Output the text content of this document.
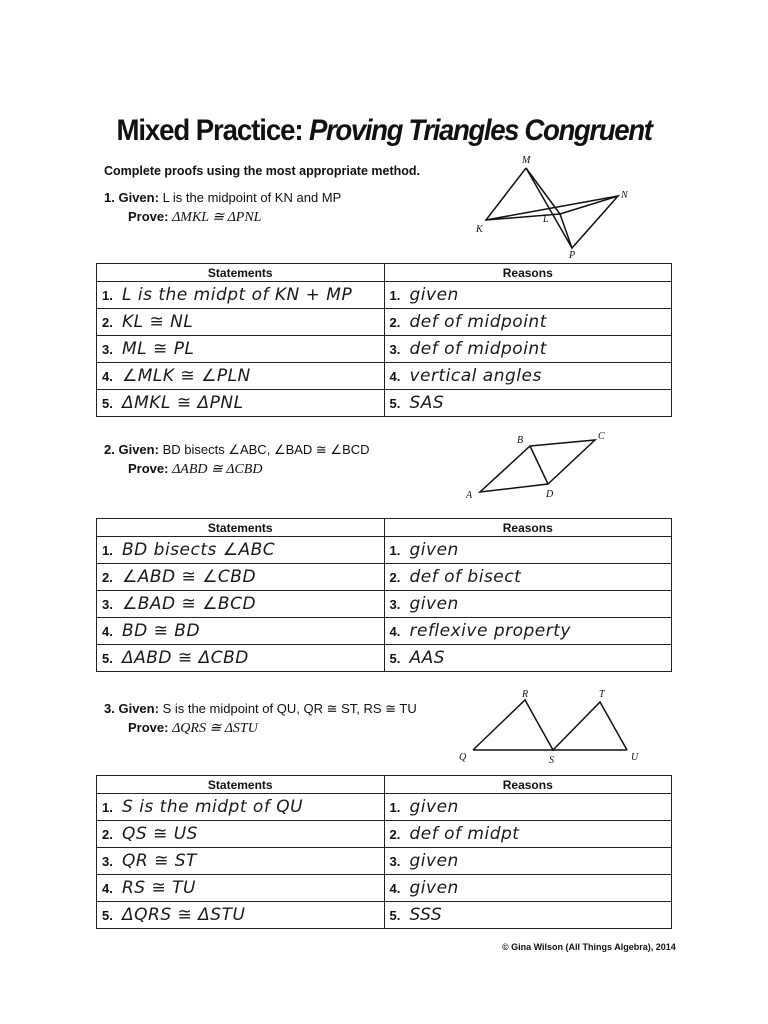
Mixed Practice: Proving Triangles Congruent
Complete proofs using the most appropriate method.
1. Given: L is the midpoint of KN and MP
Prove: ΔMKL ≅ ΔPNL
M
N
K
L
P
Statements	Reasons
1. L is the midpt of KN + MP	1. given
2. KL ≅ NL	2. def of midpoint
3. ML ≅ PL	3. def of midpoint
4. ∠MLK ≅ ∠PLN	4. vertical angles
5. ΔMKL ≅ ΔPNL	5. SAS
2. Given: BD bisects ∠ABC, ∠BAD ≅ ∠BCD
Prove: ΔABD ≅ ΔCBD
B	C
A	D
Statements	Reasons
1. BD bisects ∠ABC	1. given
2. ∠ABD ≅ ∠CBD	2. def of bisect
3. ∠BAD ≅ ∠BCD	3. given
4. BD ≅ BD	4. reflexive property
5. ΔABD ≅ ΔCBD	5. AAS
3. Given: S is the midpoint of QU, QR ≅ ST, RS ≅ TU
Prove: ΔQRS ≅ ΔSTU
R	T
Q	S	U
Statements	Reasons
1. S is the midpt of QU	1. given
2. QS ≅ US	2. def of midpt
3. QR ≅ ST	3. given
4. RS ≅ TU	4. given
5. ΔQRS ≅ ΔSTU	5. SSS
© Gina Wilson (All Things Algebra), 2014
